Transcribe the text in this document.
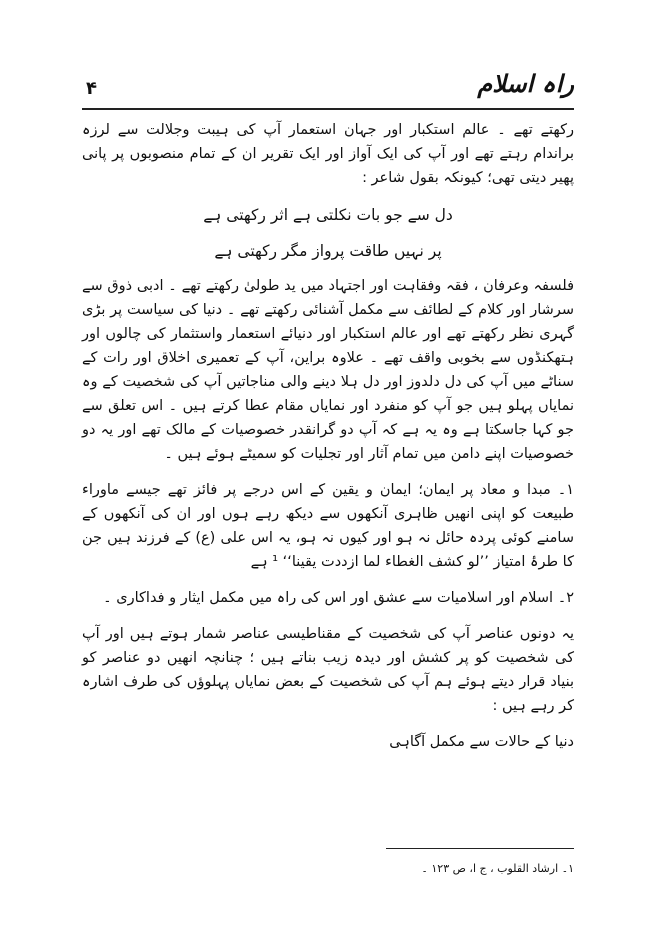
راہ اسلام
۴

رکھتے تھے ۔ عالم استکبار اور جہان استعمار آپ کی ہیبت وجلالت سے لرزہ براندام رہتے تھے اور آپ کی ایک آواز اور ایک تقریر ان کے تمام منصوبوں پر پانی پھیر دیتی تھی؛ کیونکہ بقول شاعر :

دل سے جو بات نکلتی ہے اثر رکھتی ہے
پر نہیں طاقت پرواز مگر رکھتی ہے

فلسفہ وعرفان ، فقہ وفقاہت اور اجتہاد میں ید طولیٰ رکھتے تھے ۔ ادبی ذوق سے سرشار اور کلام کے لطائف سے مکمل آشنائی رکھتے تھے ۔ دنیا کی سیاست پر بڑی گہری نظر رکھتے تھے اور عالم استکبار اور دنیائے استعمار واستثمار کی چالوں اور ہتھکنڈوں سے بخوبی واقف تھے ۔ علاوہ براین، آپ کے تعمیری اخلاق اور رات کے سناٹے میں آپ کی دل دلدوز اور دل ہلا دینے والی مناجاتیں آپ کی شخصیت کے وہ نمایاں پہلو ہیں جو آپ کو منفرد اور نمایاں مقام عطا کرتے ہیں ۔ اس تعلق سے جو کہا جاسکتا ہے وہ یہ ہے کہ آپ دو گرانقدر خصوصیات کے مالک تھے اور یہ دو خصوصیات اپنے دامن میں تمام آثار اور تجلیات کو سمیٹے ہوئے ہیں ۔

۱۔ مبدا و معاد پر ایمان؛ ایمان و یقین کے اس درجے پر فائز تھے جیسے ماوراء طبیعت کو اپنی انھیں ظاہری آنکھوں سے دیکھ رہے ہوں اور ان کی آنکھوں کے سامنے کوئی پردہ حائل نہ ہو اور کیوں نہ ہو، یہ اس علی (ع) کے فرزند ہیں جن کا طرۂ امتیاز ’’لو کشف الغطاء لما ازددت یقینا‘‘ ¹ ہے

۲۔ اسلام اور اسلامیات سے عشق اور اس کی راہ میں مکمل ایثار و فداکاری ۔

یہ دونوں عناصر آپ کی شخصیت کے مقناطیسی عناصر شمار ہوتے ہیں اور آپ کی شخصیت کو پر کشش اور دیدہ زیب بناتے ہیں ؛ چنانچہ انھیں دو عناصر کو بنیاد قرار دیتے ہوئے ہم آپ کی شخصیت کے بعض نمایاں پہلوؤں کی طرف اشارہ کر رہے ہیں :

دنیا کے حالات سے مکمل آگاہی

۱۔ ارشاد القلوب ، ج ا، ص ۱۲۳ ۔
